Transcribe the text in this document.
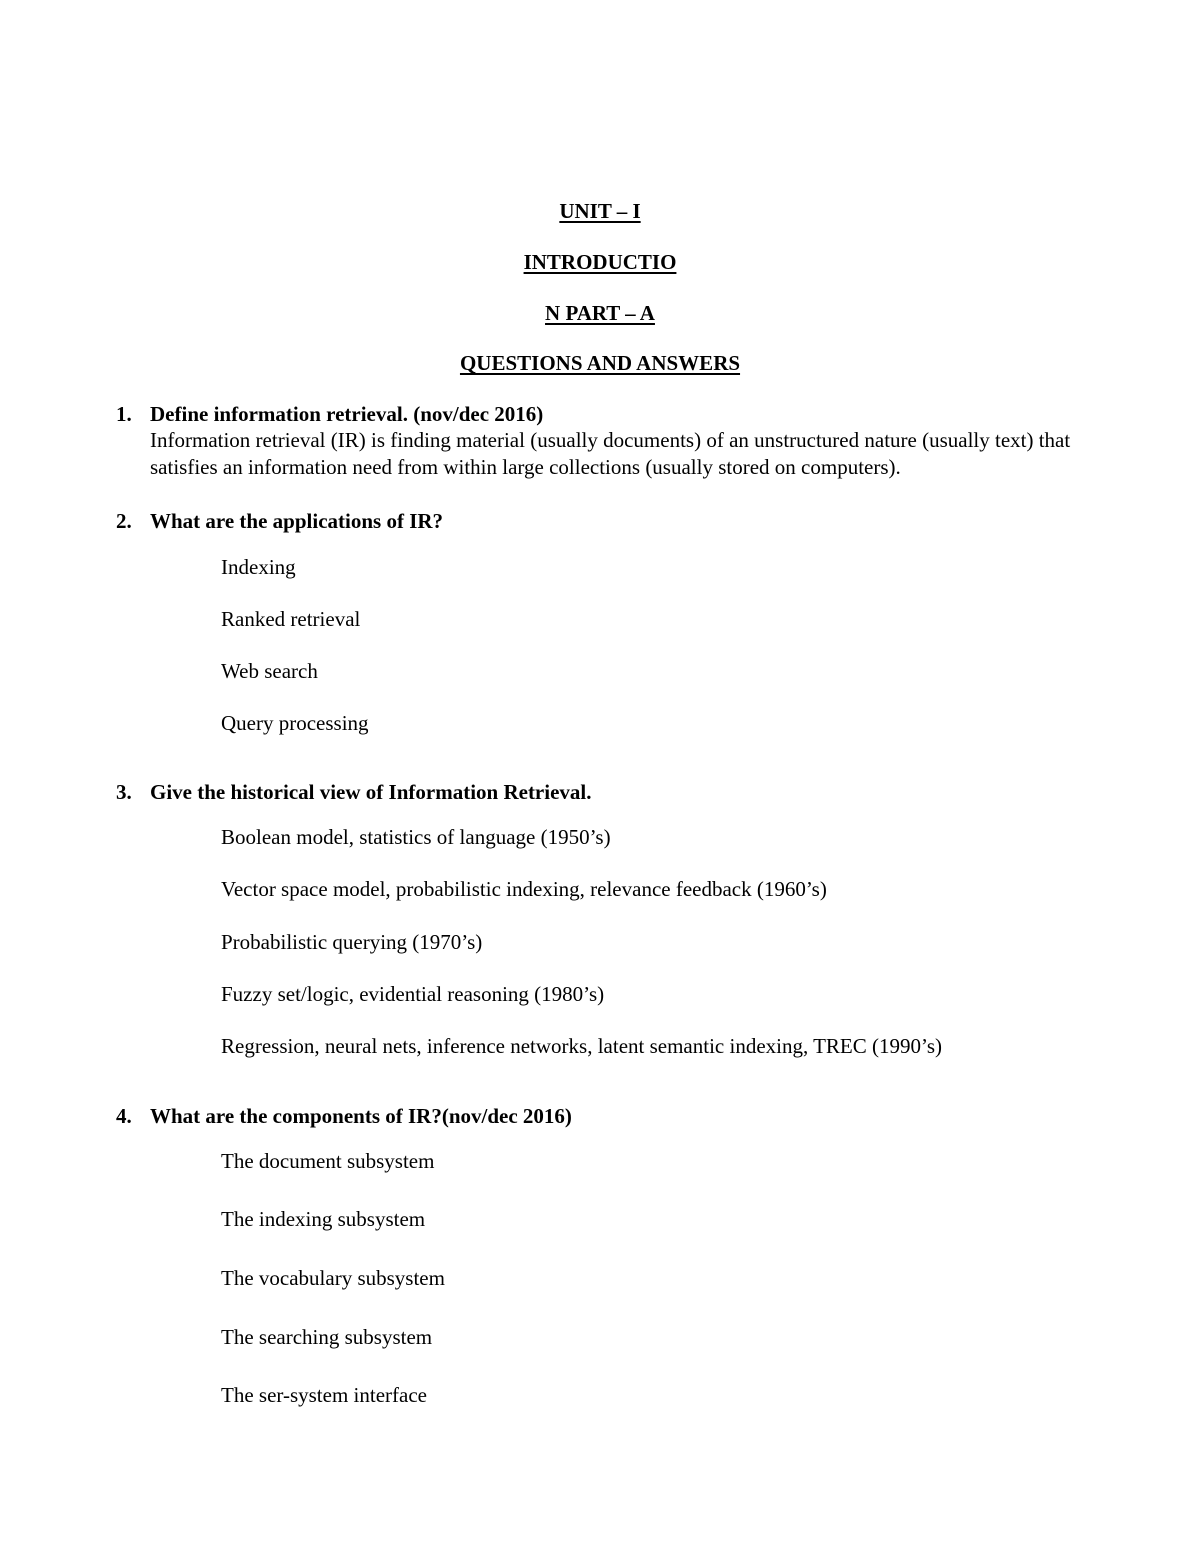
UNIT – I
INTRODUCTIO
N PART – A
QUESTIONS AND ANSWERS
1. Define information retrieval. (nov/dec 2016)
Information retrieval (IR) is finding material (usually documents) of an unstructured nature (usually text) that satisfies an information need from within large collections (usually stored on computers).
2. What are the applications of IR?
Indexing
Ranked retrieval
Web search
Query processing
3. Give the historical view of Information Retrieval.
Boolean model, statistics of language (1950’s)
Vector space model, probabilistic indexing, relevance feedback (1960’s)
Probabilistic querying (1970’s)
Fuzzy set/logic, evidential reasoning (1980’s)
Regression, neural nets, inference networks, latent semantic indexing, TREC (1990’s)
4. What are the components of IR?(nov/dec 2016)
The document subsystem
The indexing subsystem
The vocabulary subsystem
The searching subsystem
The ser-system interface
